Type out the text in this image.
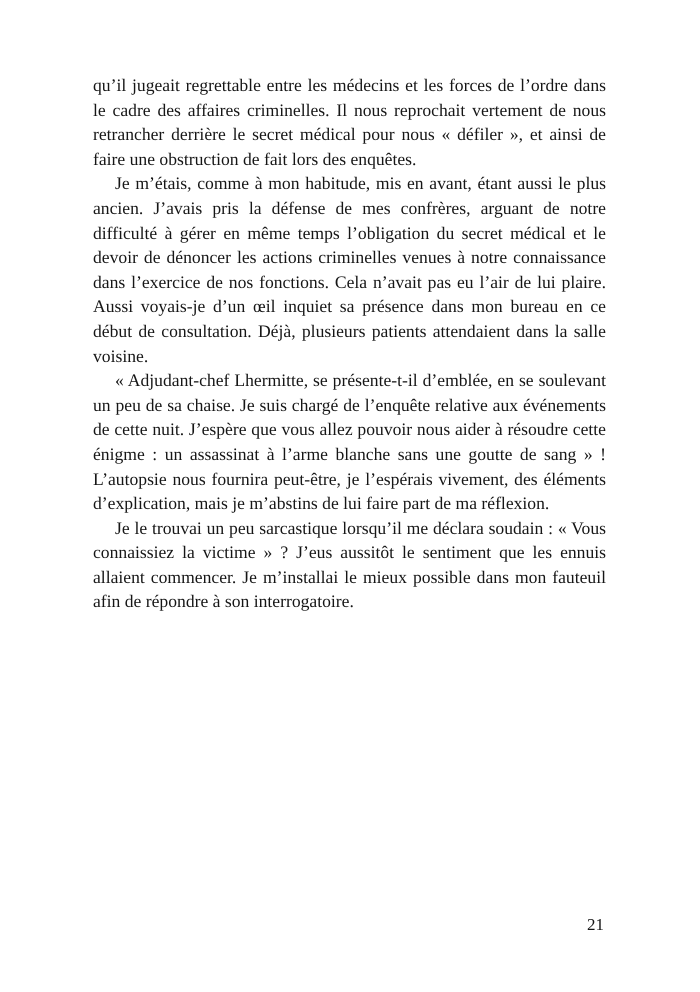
qu’il jugeait regrettable entre les médecins et les forces de l’ordre dans le cadre des affaires criminelles. Il nous reprochait vertement de nous retrancher derrière le secret médical pour nous « défiler », et ainsi de faire une obstruction de fait lors des enquêtes.

Je m’étais, comme à mon habitude, mis en avant, étant aussi le plus ancien. J’avais pris la défense de mes confrères, arguant de notre difficulté à gérer en même temps l’obligation du secret médical et le devoir de dénoncer les actions criminelles venues à notre connaissance dans l’exercice de nos fonctions. Cela n’avait pas eu l’air de lui plaire. Aussi voyais-je d’un œil inquiet sa présence dans mon bureau en ce début de consultation. Déjà, plusieurs patients attendaient dans la salle voisine.

« Adjudant-chef Lhermitte, se présente-t-il d’emblée, en se soulevant un peu de sa chaise. Je suis chargé de l’enquête relative aux événements de cette nuit. J’espère que vous allez pouvoir nous aider à résoudre cette énigme : un assassinat à l’arme blanche sans une goutte de sang » ! L’autopsie nous fournira peut-être, je l’espérais vivement, des éléments d’explication, mais je m’abstins de lui faire part de ma réflexion.

Je le trouvai un peu sarcastique lorsqu’il me déclara soudain : « Vous connaissiez la victime » ? J’eus aussitôt le sentiment que les ennuis allaient commencer. Je m’installai le mieux possible dans mon fauteuil afin de répondre à son interrogatoire.

21
